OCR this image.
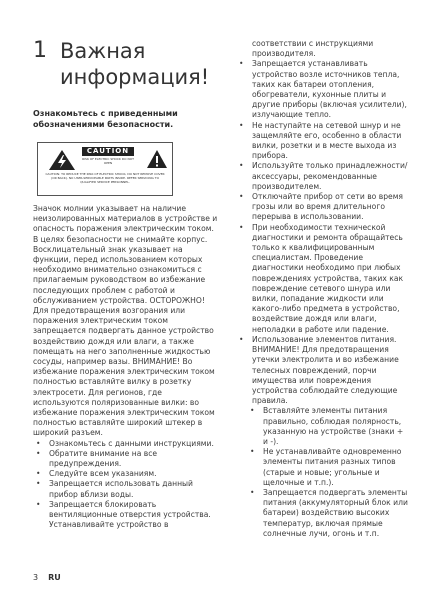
1 Важная информация!

Ознакомьтесь с приведенными обозначениями безопасности.

CAUTION
RISK OF ELECTRIC SHOCK DO NOT OPEN
CAUTION: TO REDUCE THE RISK OF ELECTRIC SHOCK, DO NOT REMOVE COVER (OR BACK). NO USER-SERVICEABLE PARTS INSIDE. REFER SERVICING TO QUALIFIED SERVICE PERSONNEL.

Значок молнии указывает на наличие неизолированных материалов в устройстве и опасность поражения электрическим током. В целях безопасности не снимайте корпус. Восклицательный знак указывает на функции, перед использованием которых необходимо внимательно ознакомиться с прилагаемым руководством во избежание последующих проблем с работой и обслуживанием устройства. ОСТОРОЖНО! Для предотвращения возгорания или поражения электрическим током запрещается подвергать данное устройство воздействию дождя или влаги, а также помещать на него заполненные жидкостью сосуды, например вазы. ВНИМАНИЕ! Во избежание поражения электрическим током полностью вставляйте вилку в розетку электросети. Для регионов, где используются поляризованные вилки: во избежание поражения электрическим током полностью вставляйте широкий штекер в широкий разъем.

• Ознакомьтесь с данными инструкциями.
• Обратите внимание на все предупреждения.
• Следуйте всем указаниям.
• Запрещается использовать данный прибор вблизи воды.
• Запрещается блокировать вентиляционные отверстия устройства. Устанавливайте устройство в
соответствии с инструкциями производителя.
• Запрещается устанавливать устройство возле источников тепла, таких как батареи отопления, обогреватели, кухонные плиты и другие приборы (включая усилители), излучающие тепло.
• Не наступайте на сетевой шнур и не защемляйте его, особенно в области вилки, розетки и в месте выхода из прибора.
• Используйте только принадлежности/аксессуары, рекомендованные производителем.
• Отключайте прибор от сети во время грозы или во время длительного перерыва в использовании.
• При необходимости технической диагностики и ремонта обращайтесь только к квалифицированным специалистам. Проведение диагностики необходимо при любых повреждениях устройства, таких как повреждение сетевого шнура или вилки, попадание жидкости или какого-либо предмета в устройство, воздействие дождя или влаги, неполадки в работе или падение.
• Использование элементов питания. ВНИМАНИЕ! Для предотвращения утечки электролита и во избежание телесных повреждений, порчи имущества или повреждения устройства соблюдайте следующие правила.
• Вставляйте элементы питания правильно, соблюдая полярность, указанную на устройстве (знаки + и -).
• Не устанавливайте одновременно элементы питания разных типов (старые и новые; угольные и щелочные и т.п.).
• Запрещается подвергать элементы питания (аккумуляторный блок или батареи) воздействию высоких температур, включая прямые солнечные лучи, огонь и т.п.
3 RU
